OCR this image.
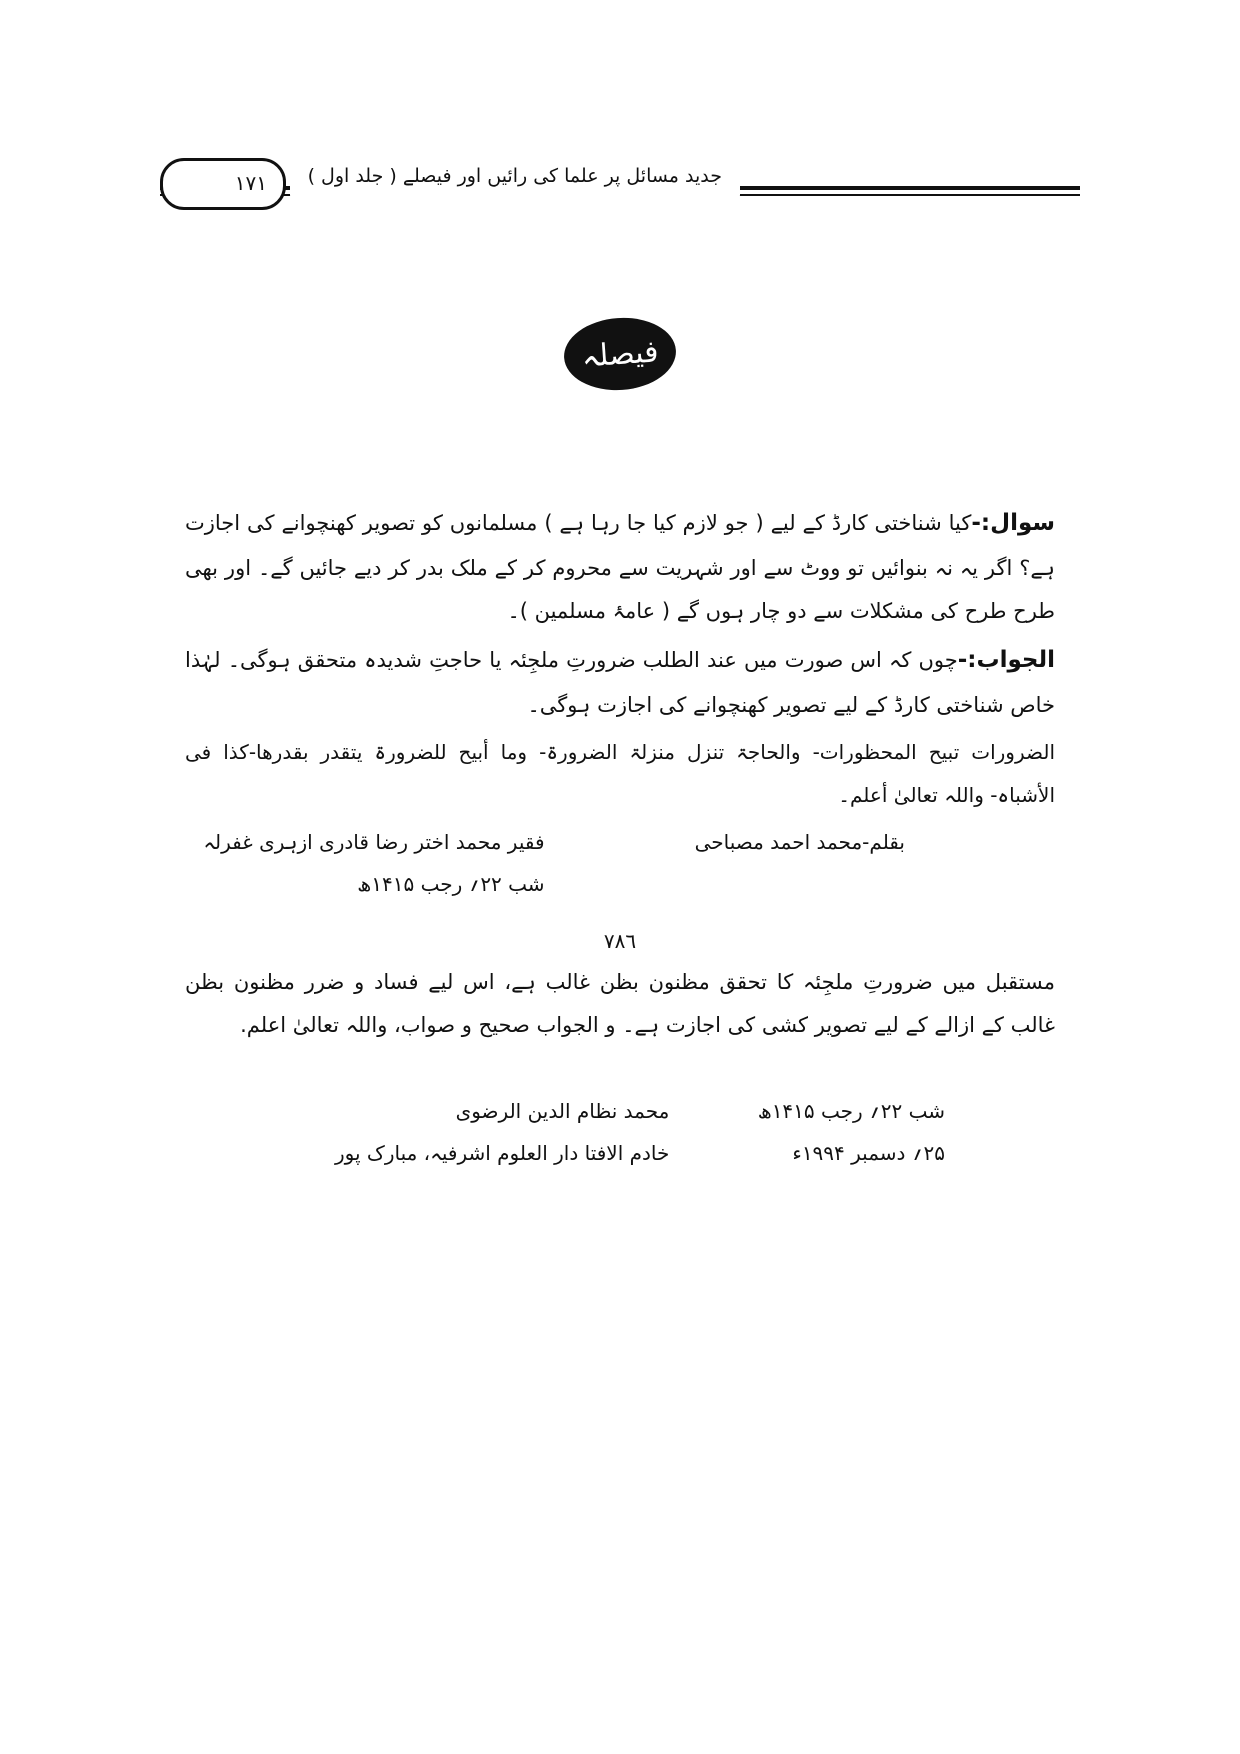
جدید مسائل پر علما کی رائیں اور فیصلے ( جلد اول )
۱۷۱
فیصلہ

سوال:-کیا شناختی کارڈ کے لیے ( جو لازم کیا جا رہا ہے ) مسلمانوں کو تصویر کھنچوانے کی اجازت ہے؟ اگر یہ نہ بنوائیں تو ووٹ سے اور شہریت سے محروم کر کے ملک بدر کر دیے جائیں گے۔ اور بھی طرح طرح کی مشکلات سے دو چار ہوں گے ( عامۂ مسلمین )۔

الجواب:-چوں کہ اس صورت میں عند الطلب ضرورتِ ملجِئہ یا حاجتِ شدیدہ متحقق ہوگی۔ لہٰذا خاص شناختی کارڈ کے لیے تصویر کھنچوانے کی اجازت ہوگی۔

الضرورات تبیح المحظورات- والحاجۃ تنزل منزلۃ الضرورۃ- وما أبیح للضرورۃ یتقدر بقدرھا-کذا فی الأشباہ- واللہ تعالیٰ أعلم۔

بقلم-محمد احمد مصباحی
فقیر محمد اختر رضا قادری ازہری غفرلہ
شب ۲۲؍ رجب ۱۴۱۵ھ
٧٨٦

مستقبل میں ضرورتِ ملجِئہ کا تحقق مظنون بظن غالب ہے، اس لیے فساد و ضرر مظنون بظن غالب کے ازالے کے لیے تصویر کشی کی اجازت ہے۔ و الجواب صحیح و صواب، واللہ تعالیٰ اعلم.

شب ۲۲؍ رجب ۱۴۱۵ھ
۲۵؍ دسمبر ۱۹۹۴ء
محمد نظام الدین الرضوی
خادم الافتا دار العلوم اشرفیہ، مبارک پور
